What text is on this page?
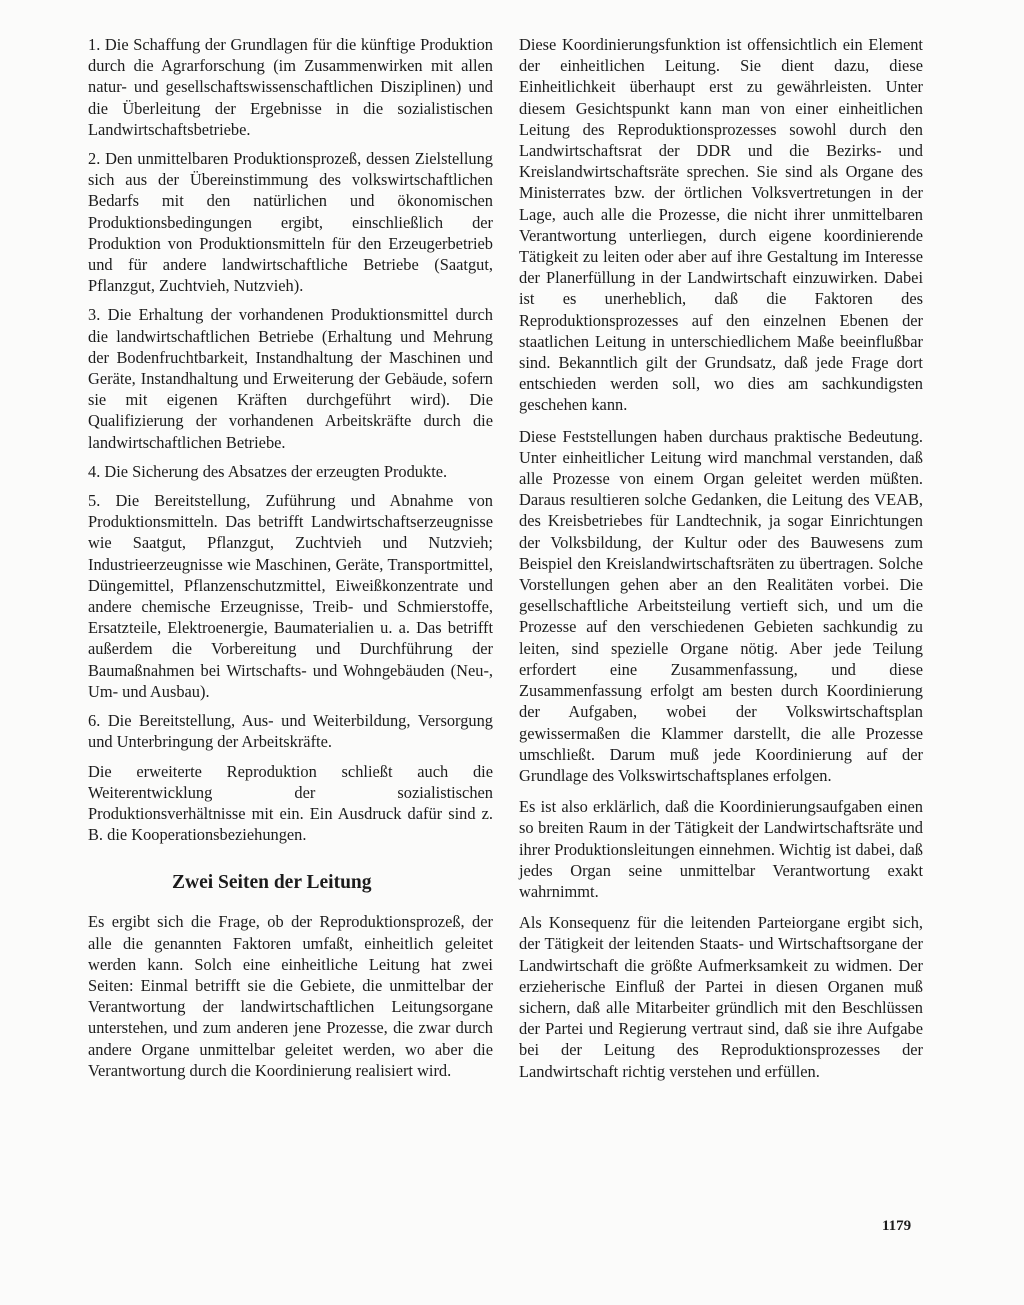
1. Die Schaffung der Grundlagen für die künftige Produktion durch die Agrarforschung (im Zusammenwirken mit allen natur- und gesellschaftswissenschaftlichen Disziplinen) und die Überleitung der Ergebnisse in die sozialistischen Landwirtschaftsbetriebe.

2. Den unmittelbaren Produktionsprozeß, dessen Zielstellung sich aus der Übereinstimmung des volkswirtschaftlichen Bedarfs mit den natürlichen und ökonomischen Produktionsbedingungen ergibt, einschließlich der Produktion von Produktionsmitteln für den Erzeugerbetrieb und für andere landwirtschaftliche Betriebe (Saatgut, Pflanzgut, Zuchtvieh, Nutzvieh).

3. Die Erhaltung der vorhandenen Produktionsmittel durch die landwirtschaftlichen Betriebe (Erhaltung und Mehrung der Bodenfruchtbarkeit, Instandhaltung der Maschinen und Geräte, Instandhaltung und Erweiterung der Gebäude, sofern sie mit eigenen Kräften durchgeführt wird). Die Qualifizierung der vorhandenen Arbeitskräfte durch die landwirtschaftlichen Betriebe.

4. Die Sicherung des Absatzes der erzeugten Produkte.

5. Die Bereitstellung, Zuführung und Abnahme von Produktionsmitteln. Das betrifft Landwirtschaftserzeugnisse wie Saatgut, Pflanzgut, Zuchtvieh und Nutzvieh; Industrieerzeugnisse wie Maschinen, Geräte, Transportmittel, Düngemittel, Pflanzenschutzmittel, Eiweißkonzentrate und andere chemische Erzeugnisse, Treib- und Schmierstoffe, Ersatzteile, Elektroenergie, Baumaterialien u. a. Das betrifft außerdem die Vorbereitung und Durchführung der Baumaßnahmen bei Wirtschafts- und Wohngebäuden (Neu-, Um- und Ausbau).

6. Die Bereitstellung, Aus- und Weiterbildung, Versorgung und Unterbringung der Arbeitskräfte.

Die erweiterte Reproduktion schließt auch die Weiterentwicklung der sozialistischen Produktionsverhältnisse mit ein. Ein Ausdruck dafür sind z. B. die Kooperationsbeziehungen.

Zwei Seiten der Leitung

Es ergibt sich die Frage, ob der Reproduktionsprozeß, der alle die genannten Faktoren umfaßt, einheitlich geleitet werden kann. Solch eine einheitliche Leitung hat zwei Seiten: Einmal betrifft sie die Gebiete, die unmittelbar der Verantwortung der landwirtschaftlichen Leitungsorgane unterstehen, und zum anderen jene Prozesse, die zwar durch andere Organe unmittelbar geleitet werden, wo aber die Verantwortung durch die Koordinierung realisiert wird.

Diese Koordinierungsfunktion ist offensichtlich ein Element der einheitlichen Leitung. Sie dient dazu, diese Einheitlichkeit überhaupt erst zu gewährleisten. Unter diesem Gesichtspunkt kann man von einer einheitlichen Leitung des Reproduktionsprozesses sowohl durch den Landwirtschaftsrat der DDR und die Bezirks- und Kreislandwirtschaftsräte sprechen. Sie sind als Organe des Ministerrates bzw. der örtlichen Volksvertretungen in der Lage, auch alle die Prozesse, die nicht ihrer unmittelbaren Verantwortung unterliegen, durch eigene koordinierende Tätigkeit zu leiten oder aber auf ihre Gestaltung im Interesse der Planerfüllung in der Landwirtschaft einzuwirken. Dabei ist es unerheblich, daß die Faktoren des Reproduktionsprozesses auf den einzelnen Ebenen der staatlichen Leitung in unterschiedlichem Maße beeinflußbar sind. Bekanntlich gilt der Grundsatz, daß jede Frage dort entschieden werden soll, wo dies am sachkundigsten geschehen kann.

Diese Feststellungen haben durchaus praktische Bedeutung. Unter einheitlicher Leitung wird manchmal verstanden, daß alle Prozesse von einem Organ geleitet werden müßten. Daraus resultieren solche Gedanken, die Leitung des VEAB, des Kreisbetriebes für Landtechnik, ja sogar Einrichtungen der Volksbildung, der Kultur oder des Bauwesens zum Beispiel den Kreislandwirtschaftsräten zu übertragen. Solche Vorstellungen gehen aber an den Realitäten vorbei. Die gesellschaftliche Arbeitsteilung vertieft sich, und um die Prozesse auf den verschiedenen Gebieten sachkundig zu leiten, sind spezielle Organe nötig. Aber jede Teilung erfordert eine Zusammenfassung, und diese Zusammenfassung erfolgt am besten durch Koordinierung der Aufgaben, wobei der Volkswirtschaftsplan gewissermaßen die Klammer darstellt, die alle Prozesse umschließt. Darum muß jede Koordinierung auf der Grundlage des Volkswirtschaftsplanes erfolgen.

Es ist also erklärlich, daß die Koordinierungsaufgaben einen so breiten Raum in der Tätigkeit der Landwirtschaftsräte und ihrer Produktionsleitungen einnehmen. Wichtig ist dabei, daß jedes Organ seine unmittelbar Verantwortung exakt wahrnimmt.

Als Konsequenz für die leitenden Parteiorgane ergibt sich, der Tätigkeit der leitenden Staats- und Wirtschaftsorgane der Landwirtschaft die größte Aufmerksamkeit zu widmen. Der erzieherische Einfluß der Partei in diesen Organen muß sichern, daß alle Mitarbeiter gründlich mit den Beschlüssen der Partei und Regierung vertraut sind, daß sie ihre Aufgabe bei der Leitung des Reproduktionsprozesses der Landwirtschaft richtig verstehen und erfüllen.

1179
